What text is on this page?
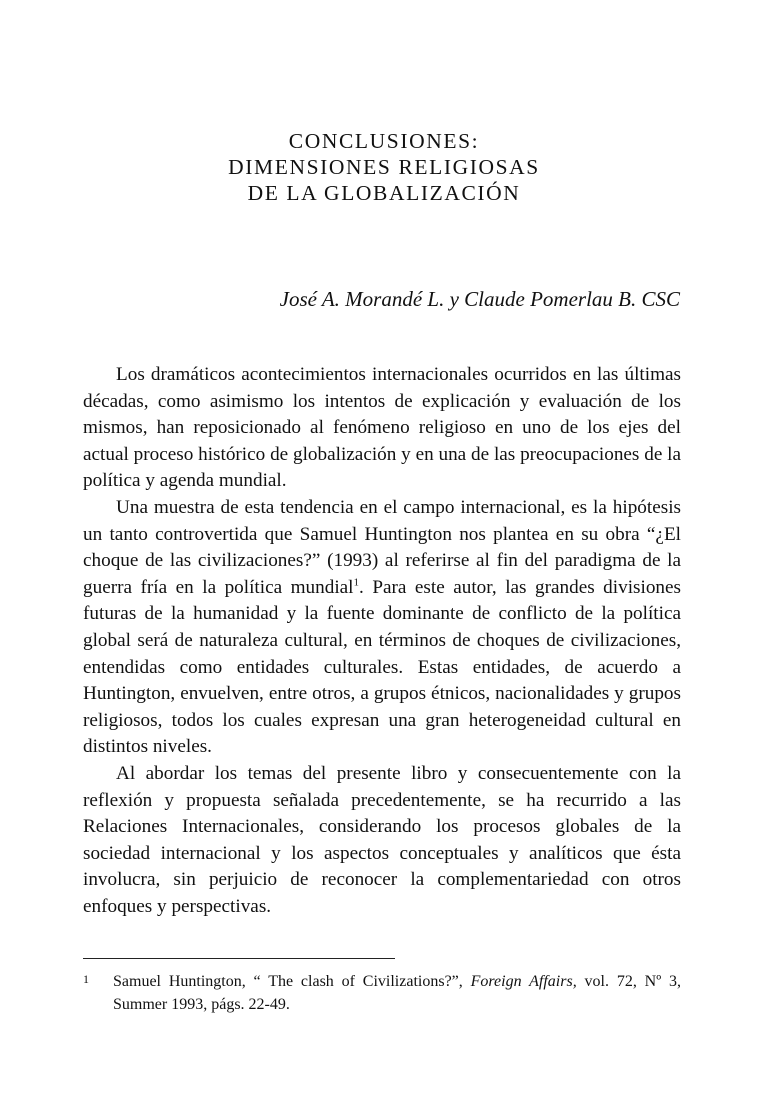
CONCLUSIONES:
DIMENSIONES RELIGIOSAS
DE LA GLOBALIZACIÓN
José A. Morandé L. y Claude Pomerlau B. CSC

Los dramáticos acontecimientos internacionales ocurridos en las últimas décadas, como asimismo los intentos de explicación y evaluación de los mismos, han reposicionado al fenómeno religioso en uno de los ejes del actual proceso histórico de globalización y en una de las preocupaciones de la política y agenda mundial.

Una muestra de esta tendencia en el campo internacional, es la hipótesis un tanto controvertida que Samuel Huntington nos plantea en su obra “¿El choque de las civilizaciones?” (1993) al referirse al fin del paradigma de la guerra fría en la política mundial$^1$. Para este autor, las grandes divisiones futuras de la humanidad y la fuente dominante de conflicto de la política global será de naturaleza cultural, en términos de choques de civilizaciones, entendidas como entidades culturales. Estas entidades, de acuerdo a Huntington, envuelven, entre otros, a grupos étnicos, nacionalidades y grupos religiosos, todos los cuales expresan una gran heterogeneidad cultural en distintos niveles.

Al abordar los temas del presente libro y consecuentemente con la reflexión y propuesta señalada precedentemente, se ha recurrido a las Relaciones Internacionales, considerando los procesos globales de la sociedad internacional y los aspectos conceptuales y analíticos que ésta involucra, sin perjuicio de reconocer la complementariedad con otros enfoques y perspectivas.

1 Samuel Huntington, “ The clash of Civilizations?”, Foreign Affairs, vol. 72, Nº 3, Summer 1993, págs. 22-49.
